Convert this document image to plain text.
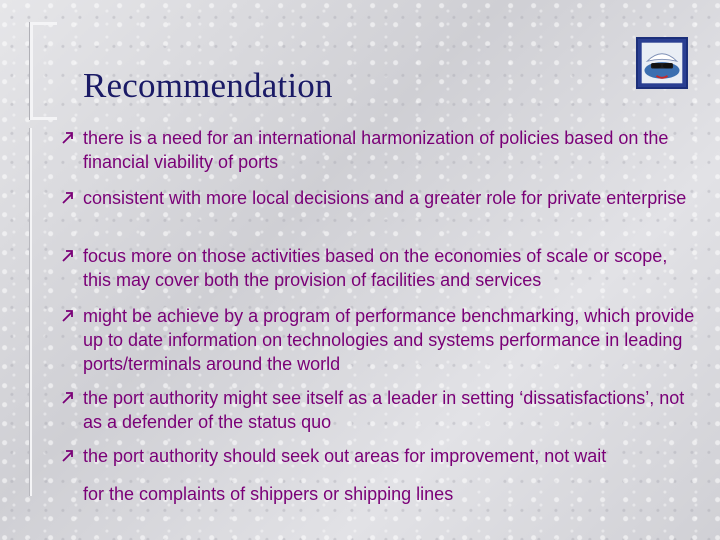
Recommendation
there is a need for an international harmonization of policies based on the financial viability of ports
consistent with more local decisions and a greater role for private enterprise
focus more on those activities based on the economies of scale or scope, this may cover both the provision of facilities and services
might be achieve by a program of performance benchmarking, which provide up to date information on technologies and systems performance in leading ports/terminals around the world
the port authority might see itself as a leader in setting ‘dissatisfactions’, not as a defender of the status quo
the port authority should seek out areas for improvement, not wait
for the complaints of shippers or shipping lines
